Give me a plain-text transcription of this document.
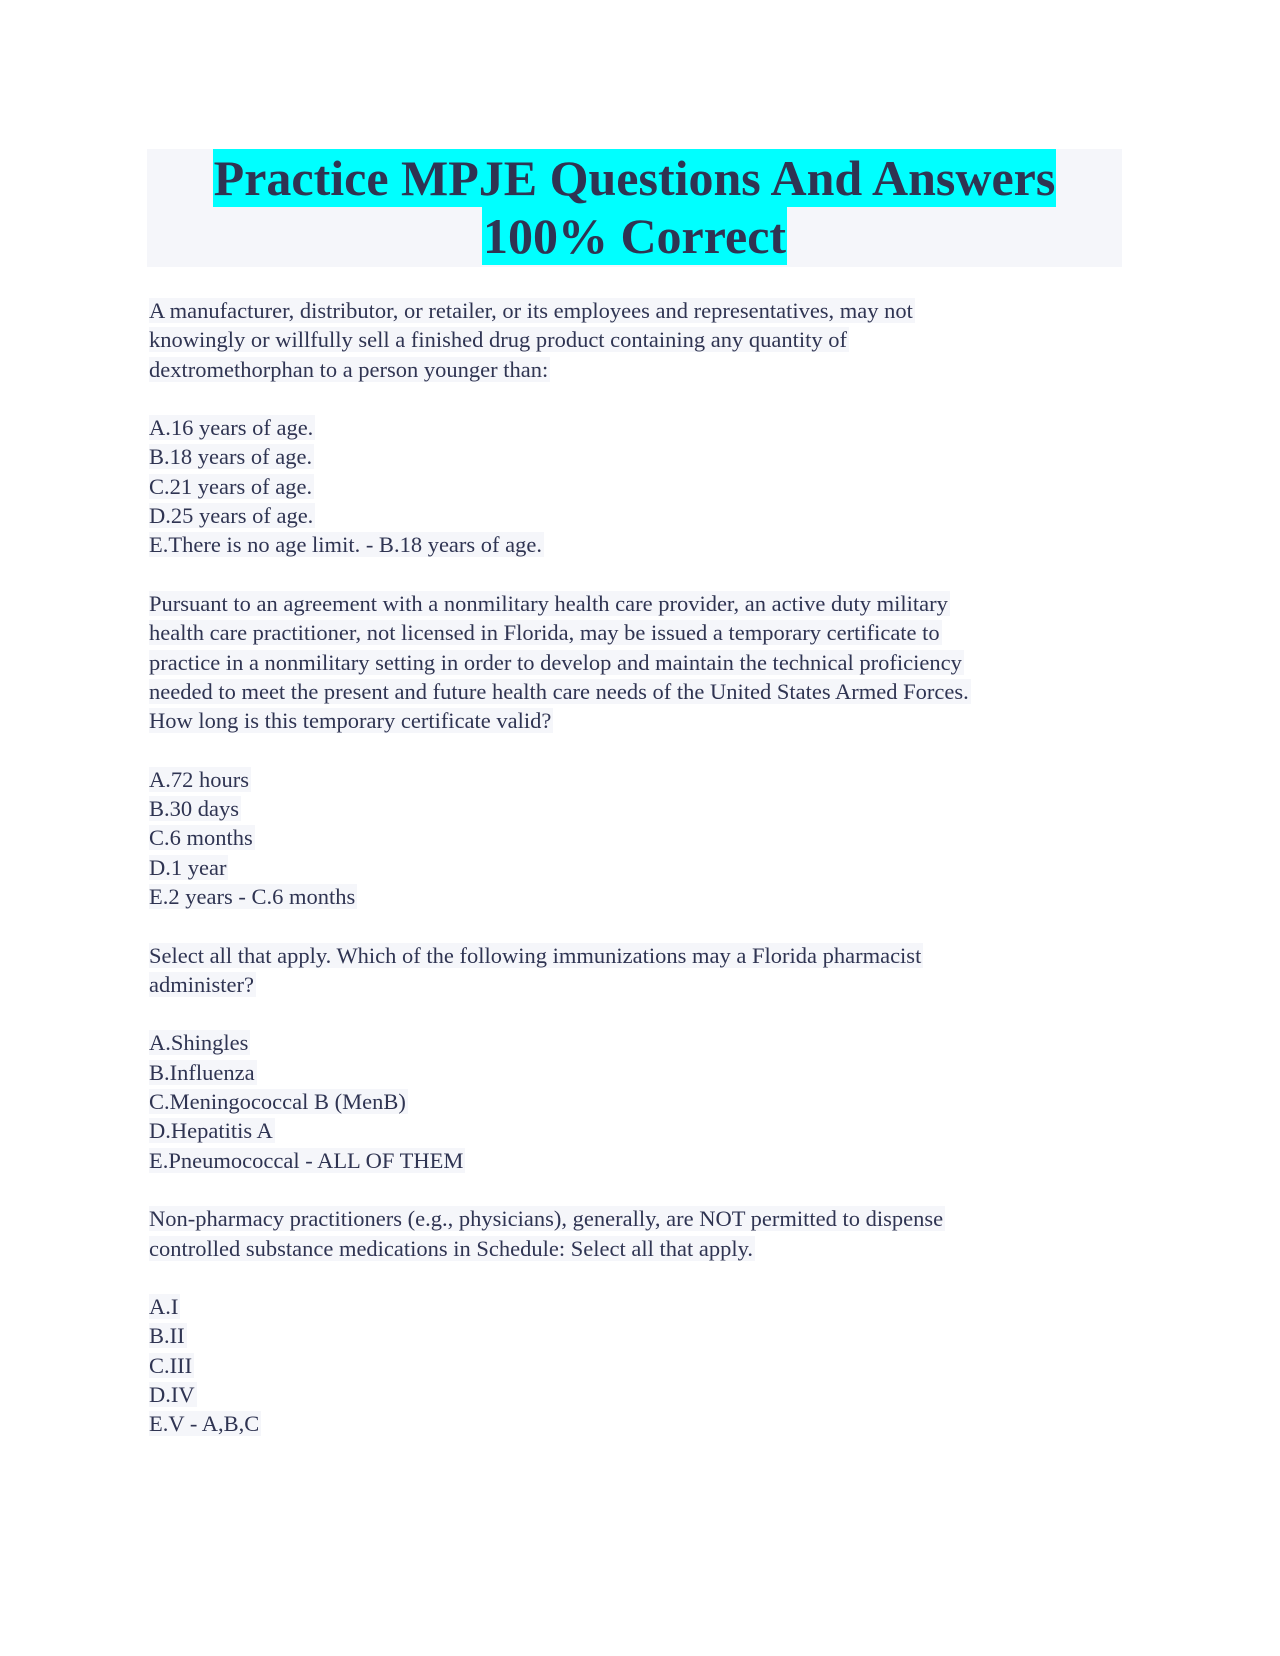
Practice MPJE Questions And Answers
100% Correct
A manufacturer, distributor, or retailer, or its employees and representatives, may not
knowingly or willfully sell a finished drug product containing any quantity of
dextromethorphan to a person younger than:
A.16 years of age.
B.18 years of age.
C.21 years of age.
D.25 years of age.
E.There is no age limit. - B.18 years of age.
Pursuant to an agreement with a nonmilitary health care provider, an active duty military
health care practitioner, not licensed in Florida, may be issued a temporary certificate to
practice in a nonmilitary setting in order to develop and maintain the technical proficiency
needed to meet the present and future health care needs of the United States Armed Forces.
How long is this temporary certificate valid?
A.72 hours
B.30 days
C.6 months
D.1 year
E.2 years - C.6 months
Select all that apply. Which of the following immunizations may a Florida pharmacist
administer?
A.Shingles
B.Influenza
C.Meningococcal B (MenB)
D.Hepatitis A
E.Pneumococcal - ALL OF THEM
Non-pharmacy practitioners (e.g., physicians), generally, are NOT permitted to dispense
controlled substance medications in Schedule: Select all that apply.
A.I
B.II
C.III
D.IV
E.V - A,B,C
